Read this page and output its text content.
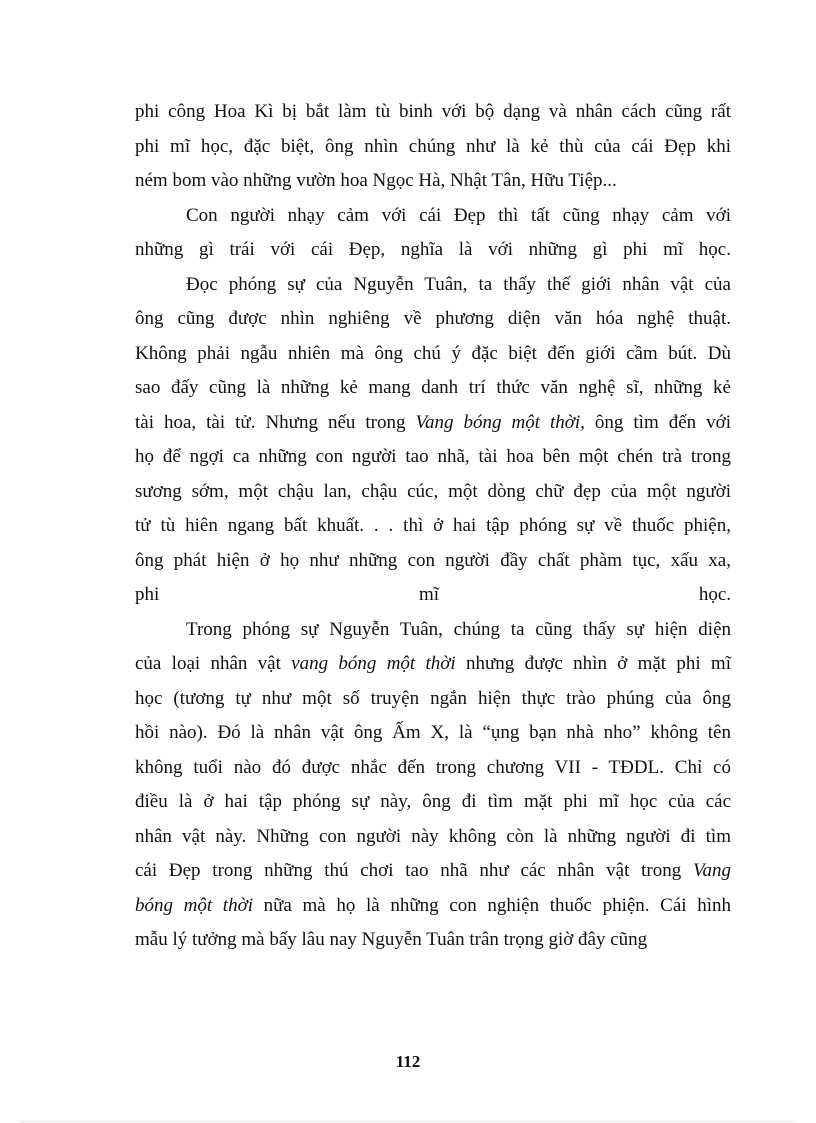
phi công Hoa Kì bị bắt làm tù binh với bộ dạng và nhân cách cũng rất
phi mĩ học, đặc biệt, ông nhìn chúng như là kẻ thù của cái Đẹp khi
ném bom vào những vườn hoa Ngọc Hà, Nhật Tân, Hữu Tiệp...
Con người nhạy cảm với cái Đẹp thì tất cũng nhạy cảm với
những gì trái với cái Đẹp, nghĩa là với những gì phi mĩ học.
Đọc phóng sự của Nguyễn Tuân, ta thấy thế giới nhân vật của
ông cũng được nhìn nghiêng về phương diện văn hóa nghệ thuật.
Không phải ngẫu nhiên mà ông chú ý đặc biệt đến giới cầm bút. Dù
sao đấy cũng là những kẻ mang danh trí thức văn nghệ sĩ, những kẻ
tài hoa, tài tử. Nhưng nếu trong Vang bóng một thời, ông tìm đến với
họ để ngợi ca những con người tao nhã, tài hoa bên một chén trà trong
sương sớm, một chậu lan, chậu cúc, một dòng chữ đẹp của một người
tử tù hiên ngang bất khuất. . . thì ở hai tập phóng sự về thuốc phiện,
ông phát hiện ở họ như những con người đầy chất phàm tục, xấu xa,
phi	mĩ	học.
Trong phóng sự Nguyễn Tuân, chúng ta cũng thấy sự hiện diện
của loại nhân vật vang bóng một thời nhưng được nhìn ở mặt phi mĩ
học (tương tự như một số truyện ngắn hiện thực trào phúng của ông
hồi nào). Đó là nhân vật ông Ấm X, là “ụng bạn nhà nho” không tên
không tuổi nào đó được nhắc đến trong chương VII - TĐDL. Chỉ có
điều là ở hai tập phóng sự này, ông đi tìm mặt phi mĩ học của các
nhân vật này. Những con người này không còn là những người đi tìm
cái Đẹp trong những thú chơi tao nhã như các nhân vật trong Vang
bóng một thời nữa mà họ là những con nghiện thuốc phiện. Cái hình
mẫu lý tưởng mà bấy lâu nay Nguyễn Tuân trân trọng giờ đây cũng
112
